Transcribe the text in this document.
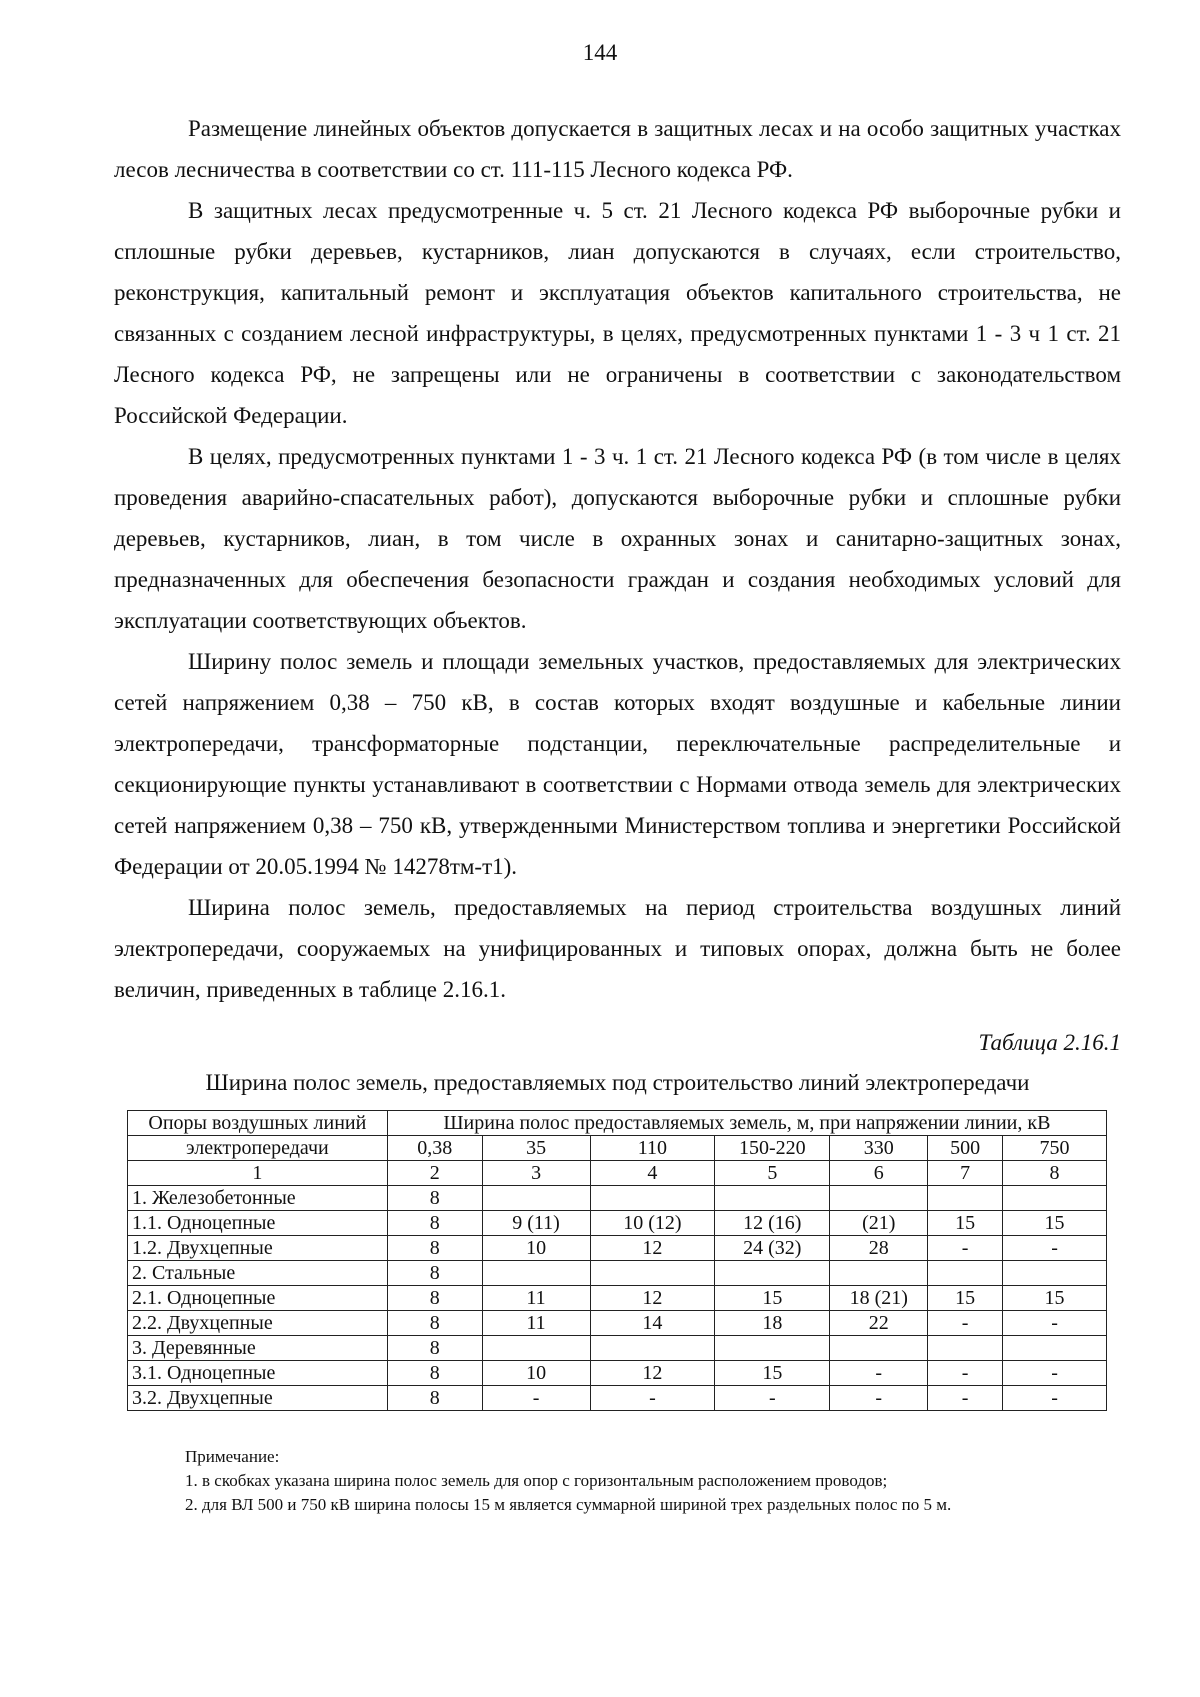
144

Размещение линейных объектов допускается в защитных лесах и на особо защитных участках лесов лесничества в соответствии со ст. 111-115 Лесного кодекса РФ.

В защитных лесах предусмотренные ч. 5 ст. 21 Лесного кодекса РФ выборочные рубки и сплошные рубки деревьев, кустарников, лиан допускаются в случаях, если строительство, реконструкция, капитальный ремонт и эксплуатация объектов капитального строительства, не связанных с созданием лесной инфраструктуры, в целях, предусмотренных пунктами 1 - 3 ч 1 ст. 21 Лесного кодекса РФ, не запрещены или не ограничены в соответствии с законодательством Российской Федерации.

В целях, предусмотренных пунктами 1 - 3 ч. 1 ст. 21 Лесного кодекса РФ (в том числе в целях проведения аварийно-спасательных работ), допускаются выборочные рубки и сплошные рубки деревьев, кустарников, лиан, в том числе в охранных зонах и санитарно-защитных зонах, предназначенных для обеспечения безопасности граждан и создания необходимых условий для эксплуатации соответствующих объектов.

Ширину полос земель и площади земельных участков, предоставляемых для электрических сетей напряжением 0,38 – 750 кВ, в состав которых входят воздушные и кабельные линии электропередачи, трансформаторные подстанции, переключательные распределительные и секционирующие пункты устанавливают в соответствии с Нормами отвода земель для электрических сетей напряжением 0,38 – 750 кВ, утвержденными Министерством топлива и энергетики Российской Федерации от 20.05.1994 № 14278тм-т1).

Ширина полос земель, предоставляемых на период строительства воздушных линий электропередачи, сооружаемых на унифицированных и типовых опорах, должна быть не более величин, приведенных в таблице 2.16.1.

Таблица 2.16.1
Ширина полос земель, предоставляемых под строительство линий электропередачи
Опоры воздушных линий	Ширина полос предоставляемых земель, м, при напряжении линии, кВ						
электропередачи	0,38	35	110	150-220	330	500	750
1	2	3	4	5	6	7	8
1. Железобетонные	8						
1.1. Одноцепные	8	9 (11)	10 (12)	12 (16)	(21)	15	15
1.2. Двухцепные	8	10	12	24 (32)	28	-	-
2. Стальные	8						
2.1. Одноцепные	8	11	12	15	18 (21)	15	15
2.2. Двухцепные	8	11	14	18	22	-	-
3. Деревянные	8						
3.1. Одноцепные	8	10	12	15	-	-	-
3.2. Двухцепные	8	-	-	-	-	-	-
Примечание:
1. в скобках указана ширина полос земель для опор с горизонтальным расположением проводов;
2. для ВЛ 500 и 750 кВ ширина полосы 15 м является суммарной шириной трех раздельных полос по 5 м.
